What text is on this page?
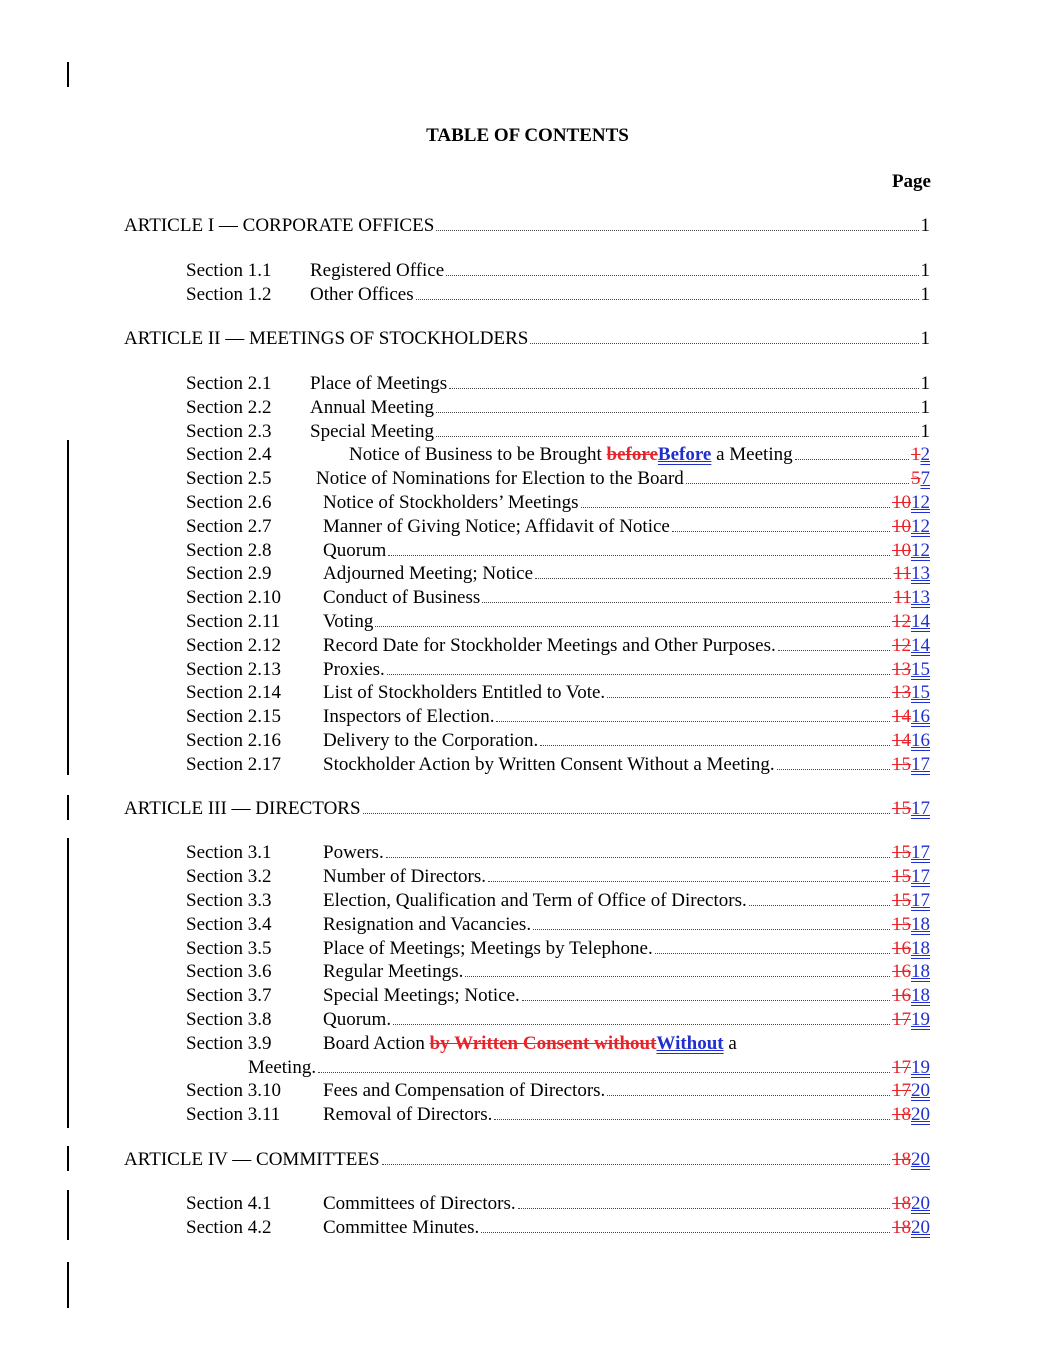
TABLE OF CONTENTS
Page
ARTICLE I — CORPORATE OFFICES	1
Section 1.1	Registered Office	1
Section 1.2	Other Offices	1
ARTICLE II — MEETINGS OF STOCKHOLDERS	1
Section 2.1	Place of Meetings	1
Section 2.2	Annual Meeting	1
Section 2.3	Special Meeting	1
Section 2.4	Notice of Business to be Brought beforeBefore a Meeting	12
Section 2.5	Notice of Nominations for Election to the Board	57
Section 2.6	Notice of Stockholders’ Meetings	1012
Section 2.7	Manner of Giving Notice; Affidavit of Notice	1012
Section 2.8	Quorum	1012
Section 2.9	Adjourned Meeting; Notice	1113
Section 2.10	Conduct of Business	1113
Section 2.11	Voting	1214
Section 2.12	Record Date for Stockholder Meetings and Other Purposes.	1214
Section 2.13	Proxies.	1315
Section 2.14	List of Stockholders Entitled to Vote.	1315
Section 2.15	Inspectors of Election.	1416
Section 2.16	Delivery to the Corporation.	1416
Section 2.17	Stockholder Action by Written Consent Without a Meeting.	1517
ARTICLE III — DIRECTORS	1517
Section 3.1	Powers.	1517
Section 3.2	Number of Directors.	1517
Section 3.3	Election, Qualification and Term of Office of Directors.	1517
Section 3.4	Resignation and Vacancies.	1518
Section 3.5	Place of Meetings; Meetings by Telephone.	1618
Section 3.6	Regular Meetings.	1618
Section 3.7	Special Meetings; Notice.	1618
Section 3.8	Quorum.	1719
Section 3.9	Board Action by Written Consent withoutWithout a
Meeting.	1719
Section 3.10	Fees and Compensation of Directors.	1720
Section 3.11	Removal of Directors.	1820
ARTICLE IV — COMMITTEES	1820
Section 4.1	Committees of Directors.	1820
Section 4.2	Committee Minutes.	1820
